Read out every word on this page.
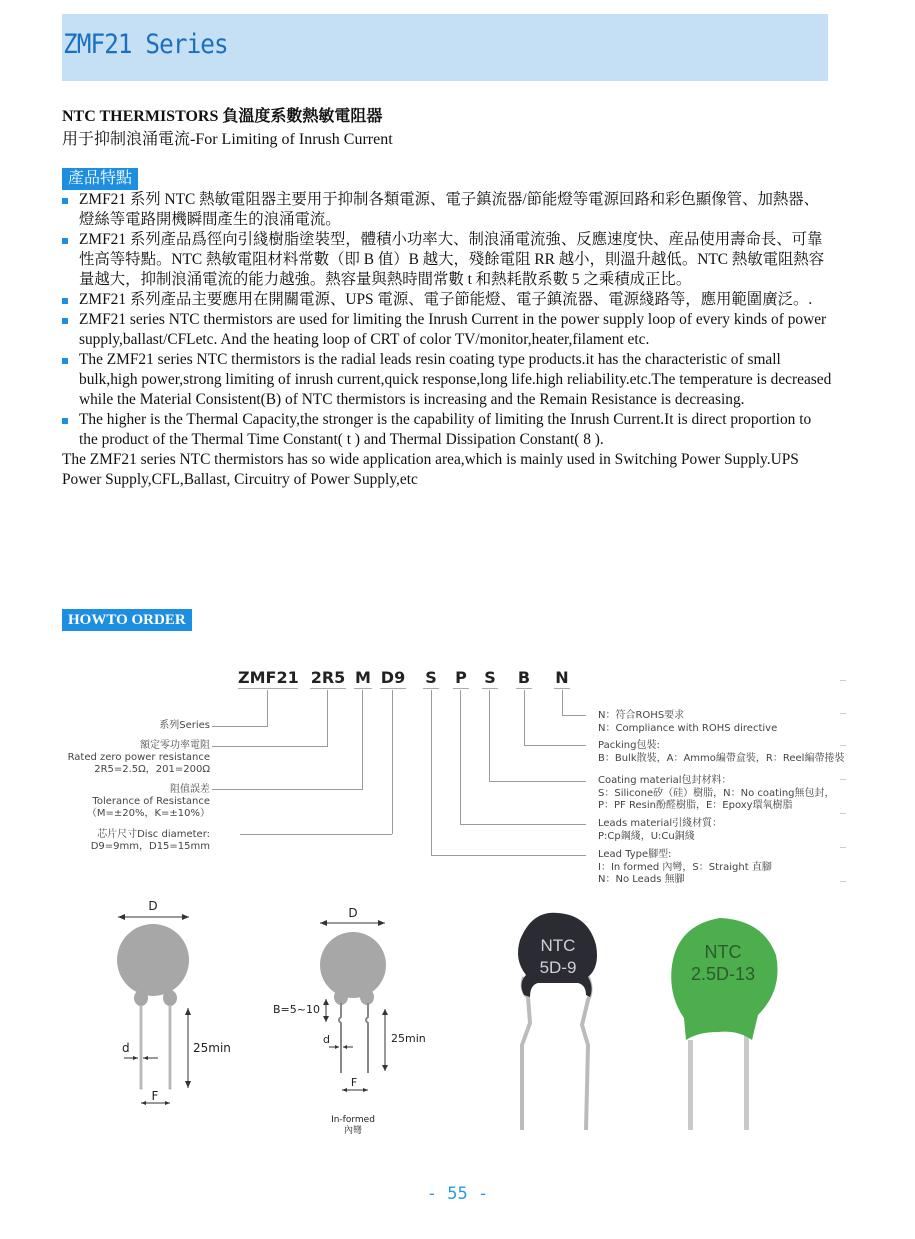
ZMF21 Series
NTC THERMISTORS 負溫度系數熱敏電阻器
用于抑制浪涌電流-For Limiting of Inrush Current
產品特點
ZMF21 系列 NTC 熱敏電阻器主要用于抑制各類電源、電子鎮流器/節能燈等電源回路和彩色顯像管、加熱器、燈絲等電路開機瞬間產生的浪涌電流。
ZMF21 系列產品爲徑向引綫樹脂塗裝型，體積小功率大、制浪涌電流強、反應速度快、産品使用壽命長、可靠性高等特點。NTC 熱敏電阻材料常數（即 B 值）B 越大，殘餘電阻 RR 越小，則溫升越低。NTC 熱敏電阻熱容量越大，抑制浪涌電流的能力越強。熱容量與熱時間常數 t 和熱耗散系數 5 之乘積成正比。
ZMF21 系列產品主要應用在開關電源、UPS 電源、電子節能燈、電子鎮流器、電源綫路等，應用範圍廣泛。.
ZMF21 series NTC thermistors are used for limiting the Inrush Current in the power supply loop of every kinds of power supply,ballast/CFLetc. And the heating loop of CRT of color TV/monitor,heater,filament etc.
The ZMF21 series NTC thermistors is the radial leads resin coating type products.it has the characteristic of small bulk,high power,strong limiting of inrush current,quick response,long life.high reliability.etc.The temperature is decreased while the Material Consistent(B) of NTC thermistors is increasing and the Remain Resistance is decreasing.
The higher is the Thermal Capacity,the stronger is the capability of limiting the Inrush Current.It is direct proportion to the product of the Thermal Time Constant( t ) and Thermal Dissipation Constant( 8 ).
The ZMF21 series NTC thermistors has so wide application area,which is mainly used in Switching Power Supply.UPS Power Supply,CFL,Ballast, Circuitry of Power Supply,etc
HOWTO ORDER
ZMF21 2R5 M D9 S P S B N
系列Series
額定零功率電阻
Rated zero power resistance
2R5=2.5Ω，201=200Ω
阻值誤差
Tolerance of Resistance
（M=±20%，K=±10%）
芯片尺寸Disc diameter:
D9=9mm，D15=15mm
N：符合ROHS要求
N：Compliance with ROHS directive
Packing包裝:
B：Bulk散裝，A：Ammo編帶盒裝，R：Reel編帶捲裝
Coating material包封材料：
S：Silicone矽（硅）樹脂，N：No coating無包封，
P：PF Resin酚醛樹脂，E：Epoxy環氧樹脂
Leads material引綫材質：
P:Cp鋼綫，U:Cu銅綫
Lead Type腳型:
I：In formed 內彎，S：Straight 直腳
N：No Leads 無腳
D
25min
d
F
D
B=5~10
25min
d
F
In-formed
內彎
NTC
5D-9
NTC
2.5D-13
- 55 -
